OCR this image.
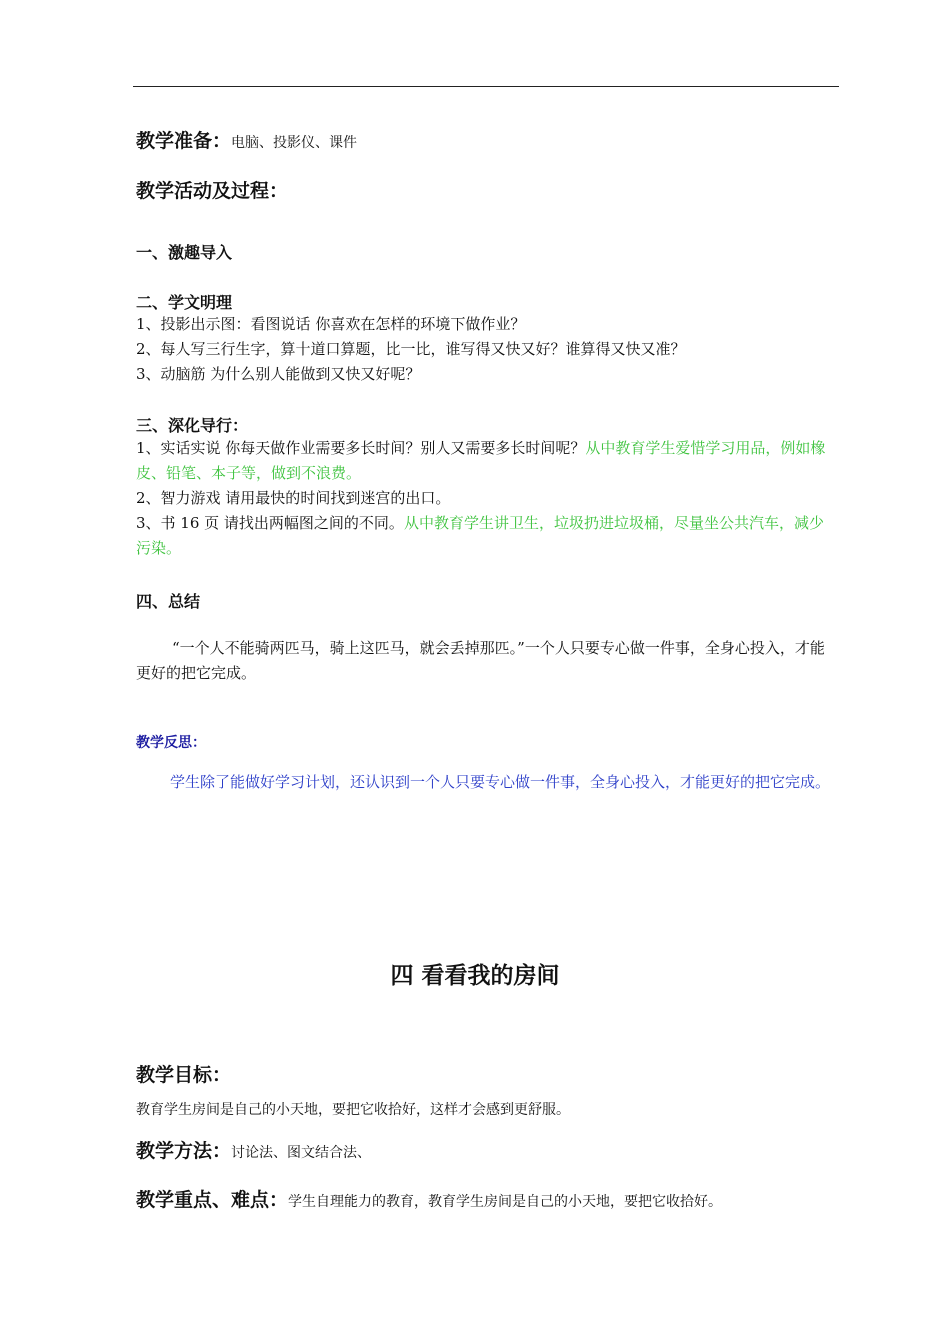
教学准备：电脑、投影仪、课件
教学活动及过程：
一、激趣导入
二、学文明理
1、投影出示图：看图说话 你喜欢在怎样的环境下做作业？
2、每人写三行生字，算十道口算题，比一比，谁写得又快又好？谁算得又快又准？
3、动脑筋 为什么别人能做到又快又好呢？
三、深化导行：
1、实话实说 你每天做作业需要多长时间？别人又需要多长时间呢？从中教育学生爱惜学习用品，例如橡皮、铅笔、本子等，做到不浪费。
2、智力游戏 请用最快的时间找到迷宫的出口。
3、书 16 页 请找出两幅图之间的不同。从中教育学生讲卫生，垃圾扔进垃圾桶，尽量坐公共汽车，减少污染。
四、总结
“一个人不能骑两匹马，骑上这匹马，就会丢掉那匹。”一个人只要专心做一件事，全身心投入，才能更好的把它完成。
教学反思：
学生除了能做好学习计划，还认识到一个人只要专心做一件事，全身心投入，才能更好的把它完成。
四 看看我的房间
教学目标：
教育学生房间是自己的小天地，要把它收拾好，这样才会感到更舒服。
教学方法：讨论法、图文结合法、
教学重点、难点：学生自理能力的教育，教育学生房间是自己的小天地，要把它收拾好。
